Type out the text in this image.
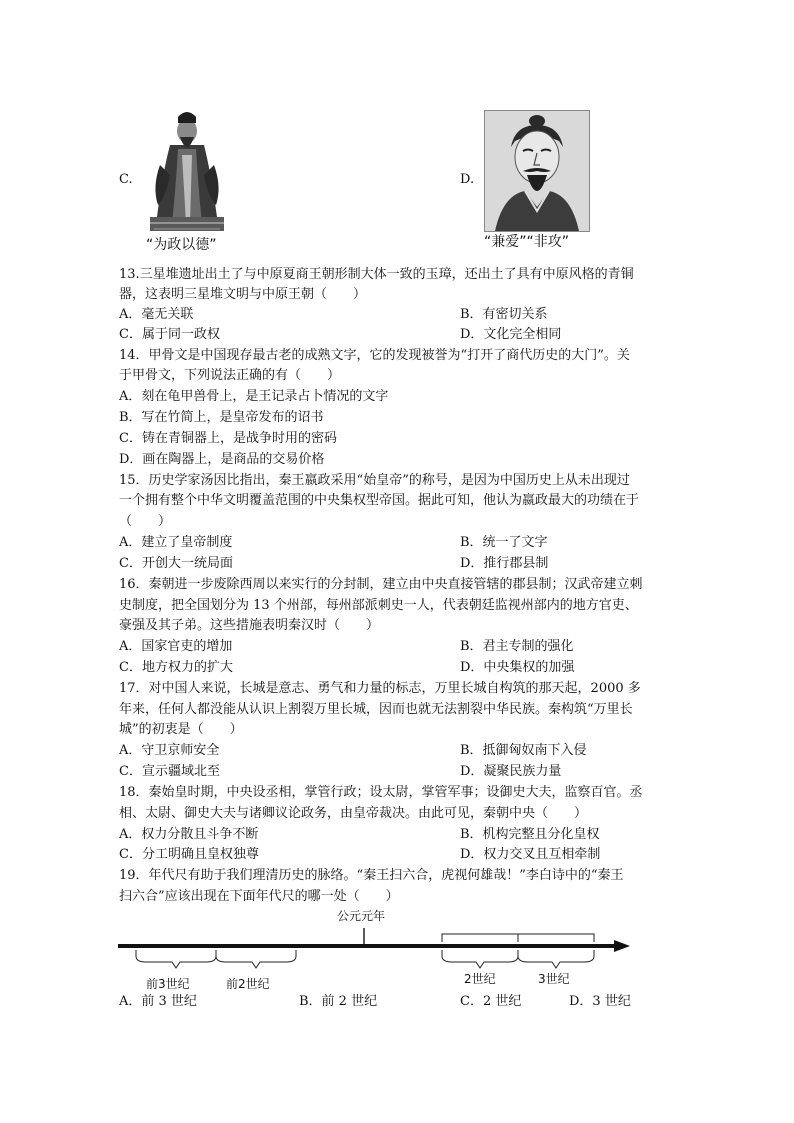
C.
“为政以德”
D.
“兼爱”“非攻”
13.三星堆遗址出土了与中原夏商王朝形制大体一致的玉璋，还出土了具有中原风格的青铜
器，这表明三星堆文明与中原王朝（　　）
A．毫无关联	B．有密切关系
C．属于同一政权	D．文化完全相同
14．甲骨文是中国现存最古老的成熟文字，它的发现被誉为“打开了商代历史的大门”。关
于甲骨文，下列说法正确的有（　　）
A．刻在龟甲兽骨上，是王记录占卜情况的文字
B．写在竹简上，是皇帝发布的诏书
C．铸在青铜器上，是战争时用的密码
D．画在陶器上，是商品的交易价格
15．历史学家汤因比指出，秦王嬴政采用“始皇帝”的称号，是因为中国历史上从未出现过
一个拥有整个中华文明覆盖范围的中央集权型帝国。据此可知，他认为嬴政最大的功绩在于
（　　）
A．建立了皇帝制度	B．统一了文字
C．开创大一统局面	D．推行郡县制
16．秦朝进一步废除西周以来实行的分封制，建立由中央直接管辖的郡县制；汉武帝建立刺
史制度，把全国划分为 13 个州部，每州部派刺史一人，代表朝廷监视州部内的地方官吏、
豪强及其子弟。这些措施表明秦汉时（　　）
A．国家官吏的增加	B．君主专制的强化
C．地方权力的扩大	D．中央集权的加强
17．对中国人来说，长城是意志、勇气和力量的标志，万里长城自构筑的那天起，2000 多
年来，任何人都没能从认识上割裂万里长城，因而也就无法割裂中华民族。秦构筑“万里长
城”的初衷是（　　）
A．守卫京师安全	B．抵御匈奴南下入侵
C．宣示疆域北至	D．凝聚民族力量
18．秦始皇时期，中央设丞相，掌管行政；设太尉，掌管军事；设御史大夫，监察百官。丞
相、太尉、御史大夫与诸卿议论政务，由皇帝裁决。由此可见，秦朝中央（　　）
A．权力分散且斗争不断	B．机构完整且分化皇权
C．分工明确且皇权独尊	D．权力交叉且互相牵制
19．年代尺有助于我们理清历史的脉络。“秦王扫六合，虎视何雄哉！”李白诗中的“秦王
扫六合”应该出现在下面年代尺的哪一处（　　）
公元元年
前3世纪	前2世纪	2世纪	3世纪
A．前 3 世纪	B．前 2 世纪	C．2 世纪	D．3 世纪
